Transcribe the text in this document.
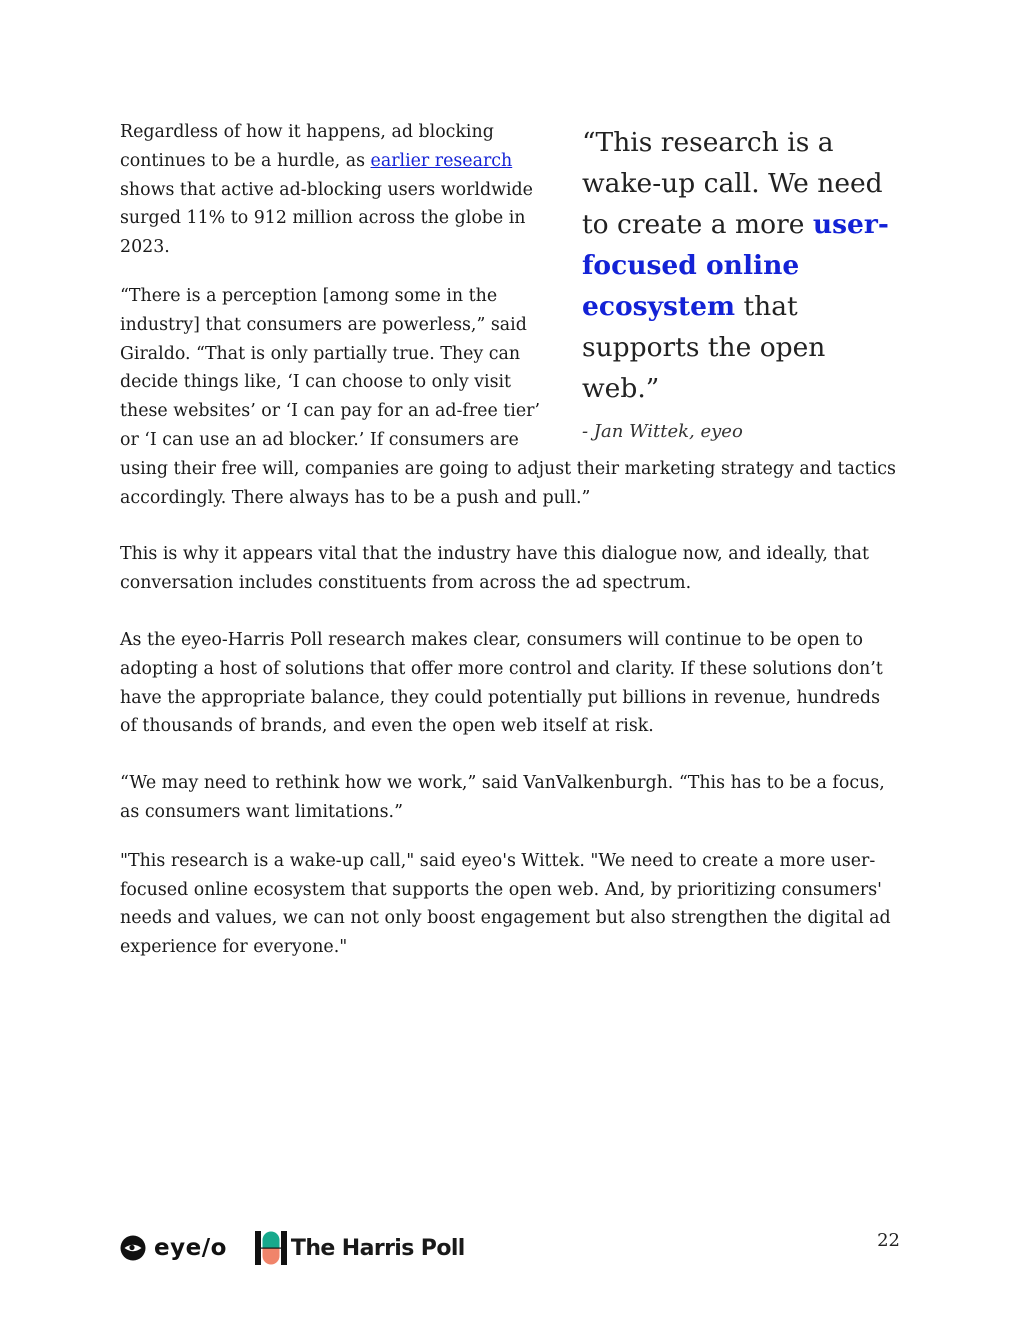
“This research is a wake-up call. We need to create a more user-focused online ecosystem that supports the open web.”

- Jan Wittek, eyeo

Regardless of how it happens, ad blocking continues to be a hurdle, as earlier research shows that active ad-blocking users worldwide surged 11% to 912 million across the globe in 2023.

“There is a perception [among some in the industry] that consumers are powerless,” said Giraldo. “That is only partially true. They can decide things like, ‘I can choose to only visit these websites’ or ‘I can pay for an ad-free tier’ or ‘I can use an ad blocker.’ If consumers are using their free will, companies are going to adjust their marketing strategy and tactics accordingly. There always has to be a push and pull.”

This is why it appears vital that the industry have this dialogue now, and ideally, that conversation includes constituents from across the ad spectrum.

As the eyeo-Harris Poll research makes clear, consumers will continue to be open to adopting a host of solutions that offer more control and clarity. If these solutions don’t have the appropriate balance, they could potentially put billions in revenue, hundreds of thousands of brands, and even the open web itself at risk.

“We may need to rethink how we work,” said VanValkenburgh. “This has to be a focus, as consumers want limitations.”

"This research is a wake-up call," said eyeo's Wittek. "We need to create a more user-focused online ecosystem that supports the open web. And, by prioritizing consumers' needs and values, we can not only boost engagement but also strengthen the digital ad experience for everyone."

eye/o	The Harris Poll	22
